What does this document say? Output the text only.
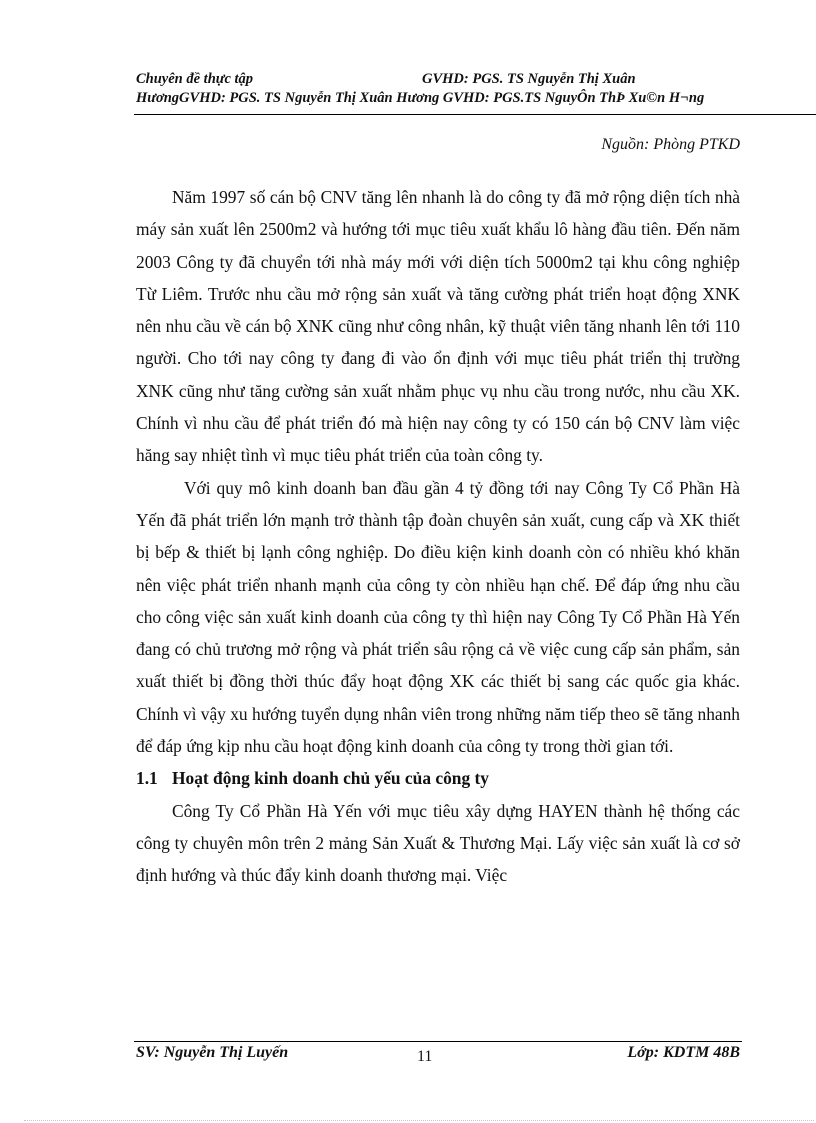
Chuyên đề thực tập	GVHD: PGS. TS Nguyễn Thị Xuân
HươngGVHD: PGS. TS Nguyễn Thị Xuân Hương GVHD: PGS.TS NguyÔn ThÞ Xu©n H¬ng
Nguồn: Phòng PTKD

Năm 1997 số cán bộ CNV tăng lên nhanh là do công ty đã mở rộng diện tích nhà máy sản xuất lên 2500m2 và hướng tới mục tiêu xuất khẩu lô hàng đầu tiên. Đến năm 2003 Công ty đã chuyển tới nhà máy mới với diện tích 5000m2 tại khu công nghiệp Từ Liêm. Trước nhu cầu mở rộng sản xuất và tăng cường phát triển hoạt động XNK nên nhu cầu về cán bộ XNK cũng như công nhân, kỹ thuật viên tăng nhanh lên tới 110 người. Cho tới nay công ty đang đi vào ổn định với mục tiêu phát triển thị trường XNK cũng như tăng cường sản xuất nhằm phục vụ nhu cầu trong nước, nhu cầu XK. Chính vì nhu cầu để phát triển đó mà hiện nay công ty có 150 cán bộ CNV làm việc hăng say nhiệt tình vì mục tiêu phát triển của toàn công ty.

Với quy mô kinh doanh ban đầu gần 4 tỷ đồng tới nay Công Ty Cổ Phần Hà Yến đã phát triển lớn mạnh trở thành tập đoàn chuyên sản xuất, cung cấp và XK thiết bị bếp & thiết bị lạnh công nghiệp. Do điều kiện kinh doanh còn có nhiều khó khăn nên việc phát triển nhanh mạnh của công ty còn nhiều hạn chế. Để đáp ứng nhu cầu cho công việc sản xuất kinh doanh của công ty thì hiện nay Công Ty Cổ Phần Hà Yến đang có chủ trương mở rộng và phát triển sâu rộng cả về việc cung cấp sản phẩm, sản xuất thiết bị đồng thời thúc đẩy hoạt động XK các thiết bị sang các quốc gia khác. Chính vì vậy xu hướng tuyển dụng nhân viên trong những năm tiếp theo sẽ tăng nhanh để đáp ứng kịp nhu cầu hoạt động kinh doanh của công ty trong thời gian tới.

1.1 Hoạt động kinh doanh chủ yếu của công ty

Công Ty Cổ Phần Hà Yến với mục tiêu xây dựng HAYEN thành hệ thống các công ty chuyên môn trên 2 mảng Sản Xuất & Thương Mại. Lấy việc sản xuất là cơ sở định hướng và thúc đẩy kinh doanh thương mại. Việc

SV: Nguyễn Thị Luyến	11	Lớp: KDTM 48B
